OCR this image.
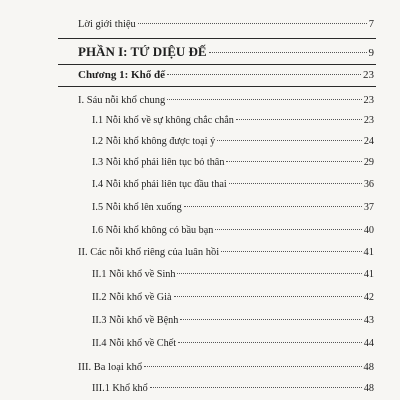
Lời giới thiệu	7
PHẦN I: TỨ DIỆU ĐẾ	9
Chương 1: Khổ đế	23
I. Sáu nỗi khổ chung	23
I.1 Nỗi khổ về sự không chắc chắn	23
I.2 Nỗi khổ không được toại ý	24
I.3 Nỗi khổ phải liên tục bỏ thân	29
I.4 Nỗi khổ phải liên tục đầu thai	36
I.5 Nỗi khổ lên xuống	37
I.6 Nỗi khổ không có bầu bạn	40
II. Các nỗi khổ riêng của luân hồi	41
II.1 Nỗi khổ về Sinh	41
II.2 Nỗi khổ về Già	42
II.3 Nỗi khổ về Bệnh	43
II.4 Nỗi khổ về Chết	44
III. Ba loại khổ	48
III.1 Khổ khổ	48
